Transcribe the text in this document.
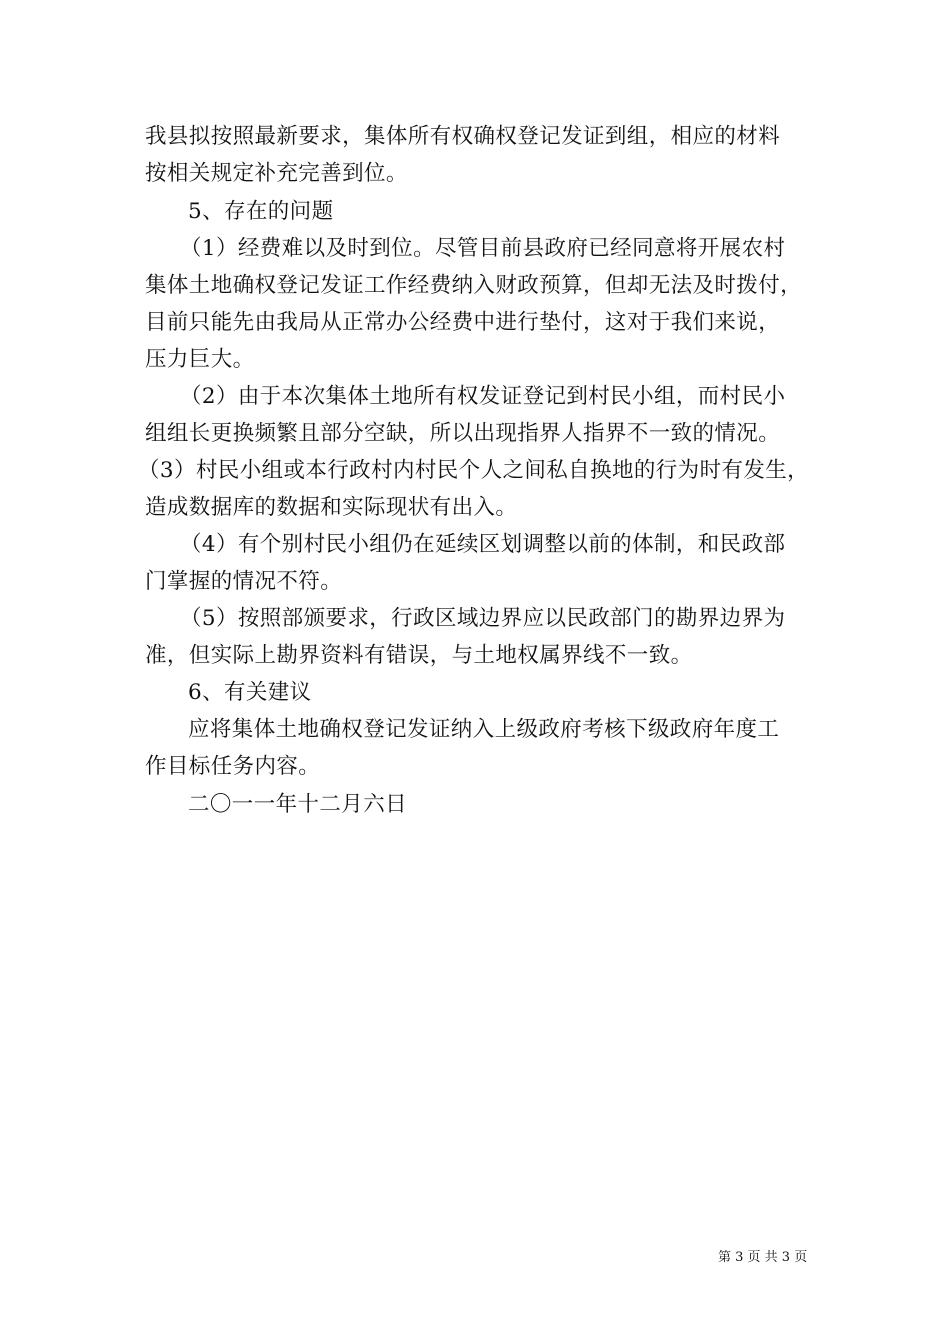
我县拟按照最新要求，集体所有权确权登记发证到组，相应的材料
按相关规定补充完善到位。
5、存在的问题
（1）经费难以及时到位。尽管目前县政府已经同意将开展农村
集体土地确权登记发证工作经费纳入财政预算，但却无法及时拨付，
目前只能先由我局从正常办公经费中进行垫付，这对于我们来说，
压力巨大。
（2）由于本次集体土地所有权发证登记到村民小组，而村民小
组组长更换频繁且部分空缺，所以出现指界人指界不一致的情况。
（3）村民小组或本行政村内村民个人之间私自换地的行为时有发生，
造成数据库的数据和实际现状有出入。
（4）有个别村民小组仍在延续区划调整以前的体制，和民政部
门掌握的情况不符。
（5）按照部颁要求，行政区域边界应以民政部门的勘界边界为
准，但实际上勘界资料有错误，与土地权属界线不一致。
6、有关建议
应将集体土地确权登记发证纳入上级政府考核下级政府年度工
作目标任务内容。
二〇一一年十二月六日
第 3 页 共 3 页
